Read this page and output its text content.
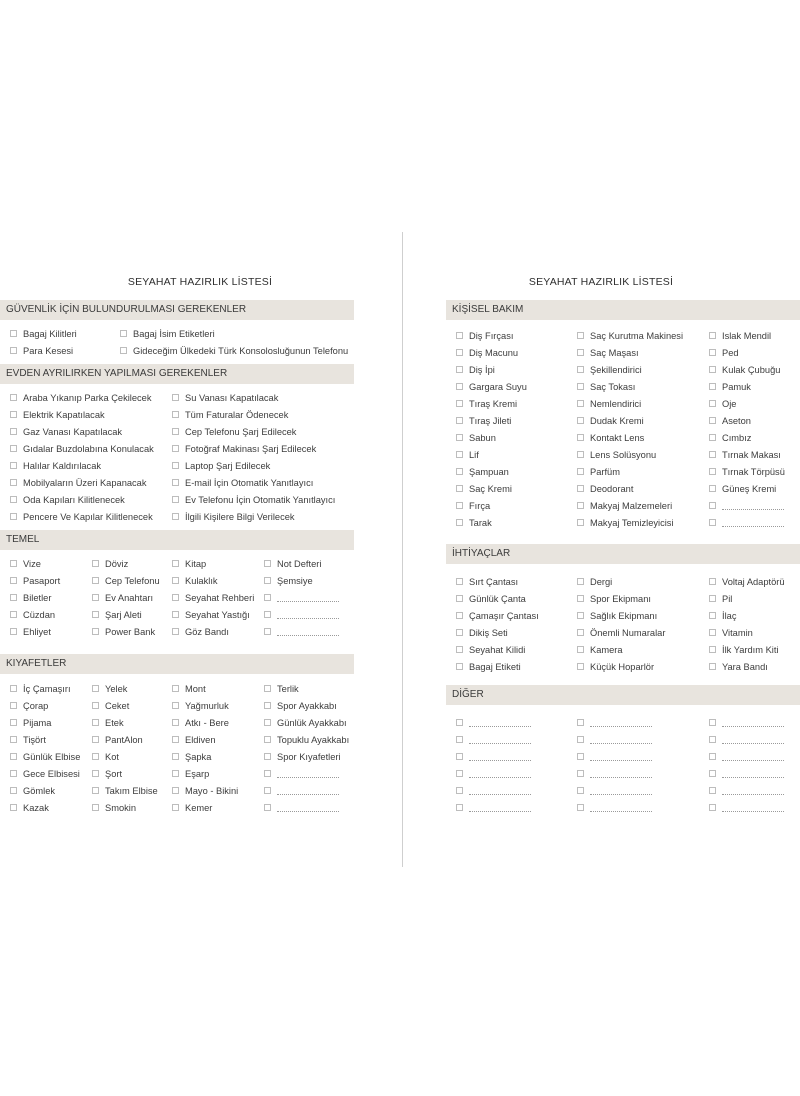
SEYAHAT HAZIRLIK LİSTESİ
GÜVENLİK İÇİN BULUNDURULMASI GEREKENLER
Bagaj Kilitleri
Para Kesesi
Bagaj İsim Etiketleri
Gideceğim Ülkedeki Türk Konsolosluğunun Telefonu
EVDEN AYRILIRKEN YAPILMASI GEREKENLER
Araba Yıkanıp Parka Çekilecek
Elektrik Kapatılacak
Gaz Vanası Kapatılacak
Gıdalar Buzdolabına Konulacak
Halılar Kaldırılacak
Mobilyaların Üzeri Kapanacak
Oda Kapıları Kilitlenecek
Pencere Ve Kapılar Kilitlenecek
Su Vanası Kapatılacak
Tüm Faturalar Ödenecek
Cep Telefonu Şarj Edilecek
Fotoğraf Makinası Şarj Edilecek
Laptop Şarj Edilecek
E-mail İçin Otomatik Yanıtlayıcı
Ev Telefonu İçin Otomatik Yanıtlayıcı
İlgili Kişilere Bilgi Verilecek
TEMEL
Vize
Pasaport
Biletler
Cüzdan
Ehliyet
Döviz
Cep Telefonu
Ev Anahtarı
Şarj Aleti
Power Bank
Kitap
Kulaklık
Seyahat Rehberi
Seyahat Yastığı
Göz Bandı
Not Defteri
Şemsiye
KIYAFETLER
İç Çamaşırı
Çorap
Pijama
Tişört
Günlük Elbise
Gece Elbisesi
Gömlek
Kazak
Yelek
Ceket
Etek
PantAlon
Kot
Şort
Takım Elbise
Smokin
Mont
Yağmurluk
Atkı - Bere
Eldiven
Şapka
Eşarp
Mayo - Bikini
Kemer
Terlik
Spor Ayakkabı
Günlük Ayakkabı
Topuklu Ayakkabı
Spor Kıyafetleri
SEYAHAT HAZIRLIK LİSTESİ
KİŞİSEL BAKIM
Diş Fırçası
Diş Macunu
Diş İpi
Gargara Suyu
Tıraş Kremi
Tıraş Jileti
Sabun
Lif
Şampuan
Saç Kremi
Fırça
Tarak
Saç Kurutma Makinesi
Saç Maşası
Şekillendirici
Saç Tokası
Nemlendirici
Dudak Kremi
Kontakt Lens
Lens Solüsyonu
Parfüm
Deodorant
Makyaj Malzemeleri
Makyaj Temizleyicisi
Islak Mendil
Ped
Kulak Çubuğu
Pamuk
Oje
Aseton
Cımbız
Tırnak Makası
Tırnak Törpüsü
Güneş Kremi
İHTİYAÇLAR
Sırt Çantası
Günlük Çanta
Çamaşır Çantası
Dikiş Seti
Seyahat Kilidi
Bagaj Etiketi
Dergi
Spor Ekipmanı
Sağlık Ekipmanı
Önemli Numaralar
Kamera
Küçük Hoparlör
Voltaj Adaptörü
Pil
İlaç
Vitamin
İlk Yardım Kiti
Yara Bandı
DİĞER
